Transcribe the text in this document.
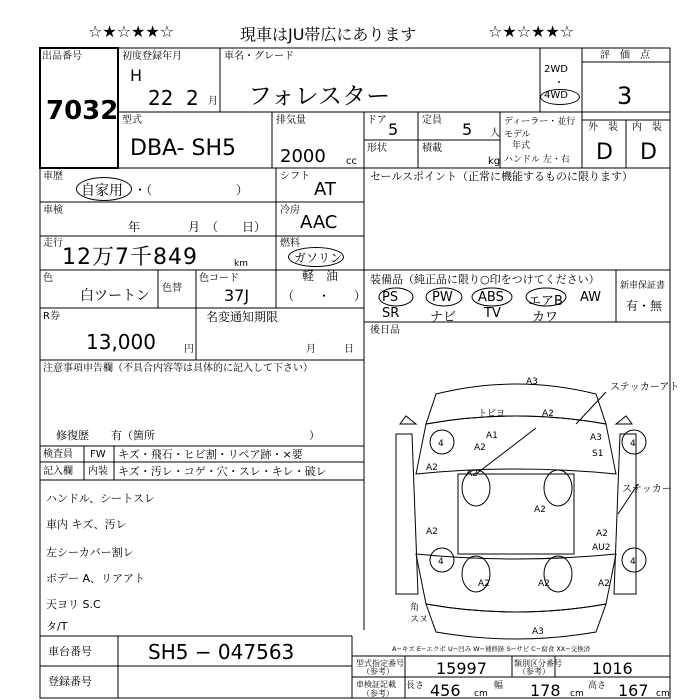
☆★☆★★☆	現車はJU帯広にあります	☆★☆★★☆
出品番号
7032
初度登録年月
H
22 2 月
車名・グレード
フォレスター
2WD
・
4WD
評　価　点
3
型式
DBA- SH5
排気量
2000 cc
ドア 5 定員 5 人
ディーラー・並行
モデル
年式
ハンドル 左・右
形状	積載
kg
外　装
D
内　装
D
車歴
自家用 ・（　　　　　　　）
シフト
AT
セールスポイント（正常に機能するものに限ります）
車検
年	月 （　　日）
冷房
AAC
走行
12万7千849	km
燃料
ガソリン
軽　油
（　　・　　）
色
白ツートン 色替
色コード
37J
装備品（純正品に限り○印をつけてください）
PS	PW ABS エアB AW
SR ナビ TV カワ
新車保証書
有・無
R券
13,000	円
名変通知期限
月	日
後日品
注意事項申告欄（不具合内容等は具体的に記入して下さい）
修復歴　　有（箇所　　　　　　　　　　　　　　）
検査員
記入欄
FW キズ・飛石・ヒビ割・リペア跡・×要
内装 キズ・汚レ・コゲ・穴・スレ・キレ・破レ
ハンドル、シートスレ
車内 キズ、汚レ
左シーカバー割レ
ボデー A、リアアト
天ヨリ S.C
タ/T
A3
A2
トビヨ
A1
A2
A3
S1
4	4
4	4
A2
A2
A2
A2	A2
AU2
A2	A2	A2
A3
角
スヌ
ステッカーアト
ステッカー
A−キズ E−エクボ U−凹み W−補修跡 S−サビ C−腐食 XX−交換済
車台番号	SH5 − 047563
登録番号
型式指定番号
（参考）	15997	類別区分番号
（参考）	1016
車検証記載
（参考）
長さ 456 cm
幅 178 cm
高さ 167 cm
